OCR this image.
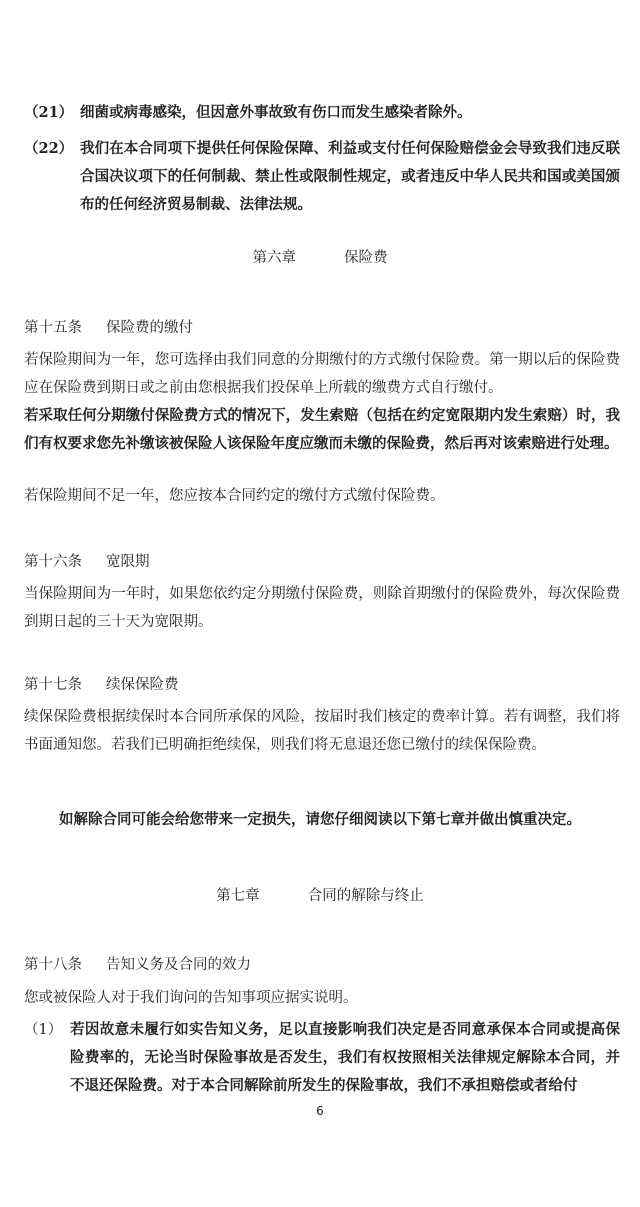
（21） 细菌或病毒感染，但因意外事故致有伤口而发生感染者除外。
（22） 我们在本合同项下提供任何保险保障、利益或支付任何保险赔偿金会导致我们违反联合国决议项下的任何制裁、禁止性或限制性规定，或者违反中华人民共和国或美国颁布的任何经济贸易制裁、法律法规。
第六章	保险费
第十五条 保险费的缴付
若保险期间为一年，您可选择由我们同意的分期缴付的方式缴付保险费。第一期以后的保险费应在保险费到期日或之前由您根据我们投保单上所载的缴费方式自行缴付。
若采取任何分期缴付保险费方式的情况下，发生索赔（包括在约定宽限期内发生索赔）时，我们有权要求您先补缴该被保险人该保险年度应缴而未缴的保险费，然后再对该索赔进行处理。
若保险期间不足一年，您应按本合同约定的缴付方式缴付保险费。
第十六条 宽限期
当保险期间为一年时，如果您依约定分期缴付保险费，则除首期缴付的保险费外，每次保险费到期日起的三十天为宽限期。
第十七条 续保保险费
续保保险费根据续保时本合同所承保的风险，按届时我们核定的费率计算。若有调整，我们将书面通知您。若我们已明确拒绝续保，则我们将无息退还您已缴付的续保保险费。
如解除合同可能会给您带来一定损失，请您仔细阅读以下第七章并做出慎重决定。
第七章	合同的解除与终止
第十八条 告知义务及合同的效力
您或被保险人对于我们询问的告知事项应据实说明。
（1） 若因故意未履行如实告知义务，足以直接影响我们决定是否同意承保本合同或提高保险费率的，无论当时保险事故是否发生，我们有权按照相关法律规定解除本合同，并不退还保险费。对于本合同解除前所发生的保险事故，我们不承担赔偿或者给付
6
